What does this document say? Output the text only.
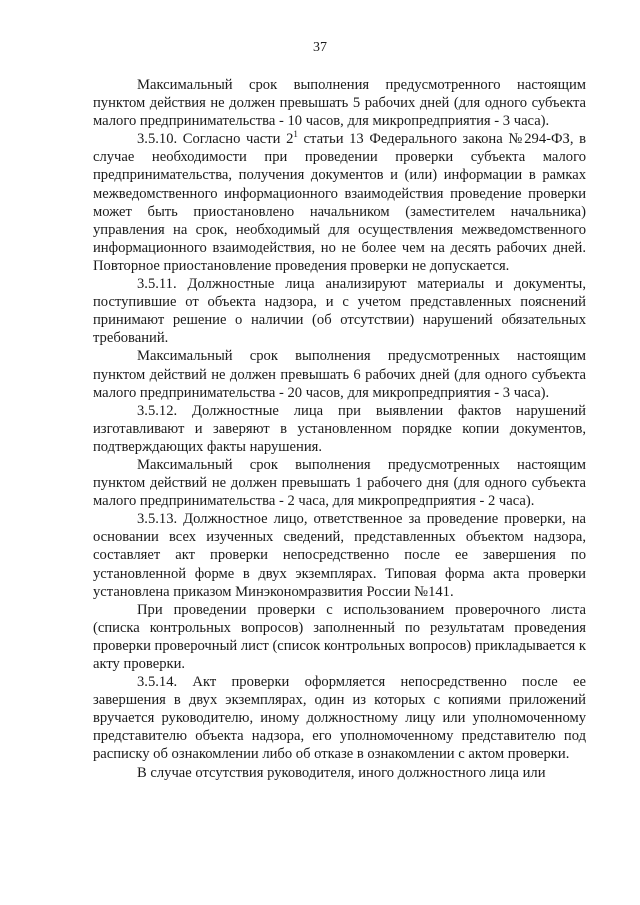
37

Максимальный срок выполнения предусмотренного настоящим пунктом действия не должен превышать 5 рабочих дней (для одного субъекта малого предпринимательства - 10 часов, для микропредприятия - 3 часа).

3.5.10. Согласно части $2^1$ статьи 13 Федерального закона №294-ФЗ, в случае необходимости при проведении проверки субъекта малого предпринимательства, получения документов и (или) информации в рамках межведомственного информационного взаимодействия проведение проверки может быть приостановлено начальником (заместителем начальника) управления на срок, необходимый для осуществления межведомственного информационного взаимодействия, но не более чем на десять рабочих дней. Повторное приостановление проведения проверки не допускается.

3.5.11. Должностные лица анализируют материалы и документы, поступившие от объекта надзора, и с учетом представленных пояснений принимают решение о наличии (об отсутствии) нарушений обязательных требований.

Максимальный срок выполнения предусмотренных настоящим пунктом действий не должен превышать 6 рабочих дней (для одного субъекта малого предпринимательства - 20 часов, для микропредприятия - 3 часа).

3.5.12. Должностные лица при выявлении фактов нарушений изготавливают и заверяют в установленном порядке копии документов, подтверждающих факты нарушения.

Максимальный срок выполнения предусмотренных настоящим пунктом действий не должен превышать 1 рабочего дня (для одного субъекта малого предпринимательства - 2 часа, для микропредприятия - 2 часа).

3.5.13. Должностное лицо, ответственное за проведение проверки, на основании всех изученных сведений, представленных объектом надзора, составляет акт проверки непосредственно после ее завершения по установленной форме в двух экземплярах. Типовая форма акта проверки установлена приказом Минэкономразвития России №141.

При проведении проверки с использованием проверочного листа (списка контрольных вопросов) заполненный по результатам проведения проверки проверочный лист (список контрольных вопросов) прикладывается к акту проверки.

3.5.14. Акт проверки оформляется непосредственно после ее завершения в двух экземплярах, один из которых с копиями приложений вручается руководителю, иному должностному лицу или уполномоченному представителю объекта надзора, его уполномоченному представителю под расписку об ознакомлении либо об отказе в ознакомлении с актом проверки.

В случае отсутствия руководителя, иного должностного лица или
